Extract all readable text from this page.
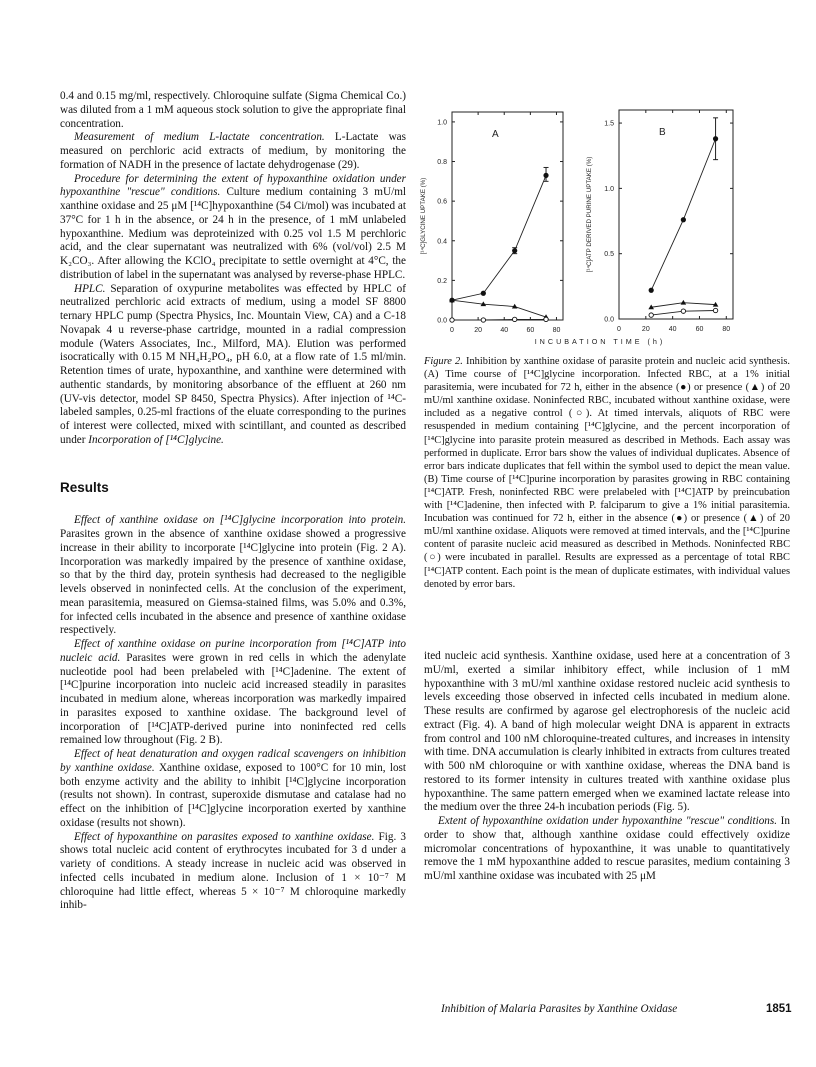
0.4 and 0.15 mg/ml, respectively. Chloroquine sulfate (Sigma Chemical Co.) was diluted from a 1 mM aqueous stock solution to give the appropriate final concentration.

Measurement of medium L-lactate concentration. L-Lactate was measured on perchloric acid extracts of medium, by monitoring the formation of NADH in the presence of lactate dehydrogenase (29).

Procedure for determining the extent of hypoxanthine oxidation under hypoxanthine "rescue" conditions. Culture medium containing 3 mU/ml xanthine oxidase and 25 μM [¹⁴C]hypoxanthine (54 Ci/mol) was incubated at 37°C for 1 h in the absence, or 24 h in the presence, of 1 mM unlabeled hypoxanthine. Medium was deproteinized with 0.25 vol 1.5 M perchloric acid, and the clear supernatant was neutralized with 6% (vol/vol) 2.5 M K₂CO₃. After allowing the KClO₄ precipitate to settle overnight at 4°C, the distribution of label in the supernatant was analysed by reverse-phase HPLC.

HPLC. Separation of oxypurine metabolites was effected by HPLC of neutralized perchloric acid extracts of medium, using a model SF 8800 ternary HPLC pump (Spectra Physics, Inc. Mountain View, CA) and a C-18 Novapak 4 u reverse-phase cartridge, mounted in a radial compression module (Waters Associates, Inc., Milford, MA). Elution was performed isocratically with 0.15 M NH₄H₂PO₄, pH 6.0, at a flow rate of 1.5 ml/min. Retention times of urate, hypoxanthine, and xanthine were determined with authentic standards, by monitoring absorbance of the effluent at 260 nm (UV-vis detector, model SP 8450, Spectra Physics). After injection of ¹⁴C-labeled samples, 0.25-ml fractions of the eluate corresponding to the purines of interest were collected, mixed with scintillant, and counted as described under Incorporation of [¹⁴C]glycine.

Results

Effect of xanthine oxidase on [¹⁴C]glycine incorporation into protein. Parasites grown in the absence of xanthine oxidase showed a progressive increase in their ability to incorporate [¹⁴C]glycine into protein (Fig. 2 A). Incorporation was markedly impaired by the presence of xanthine oxidase, so that by the third day, protein synthesis had decreased to the negligible levels observed in noninfected cells. At the conclusion of the experiment, mean parasitemia, measured on Giemsa-stained films, was 5.0% and 0.3%, for infected cells incubated in the absence and presence of xanthine oxidase respectively.

Effect of xanthine oxidase on purine incorporation from [¹⁴C]ATP into nucleic acid. Parasites were grown in red cells in which the adenylate nucleotide pool had been prelabeled with [¹⁴C]adenine. The extent of [¹⁴C]purine incorporation into nucleic acid increased steadily in parasites incubated in medium alone, whereas incorporation was markedly impaired in parasites exposed to xanthine oxidase. The background level of incorporation of [¹⁴C]ATP-derived purine into noninfected red cells remained low throughout (Fig. 2 B).

Effect of heat denaturation and oxygen radical scavengers on inhibition by xanthine oxidase. Xanthine oxidase, exposed to 100°C for 10 min, lost both enzyme activity and the ability to inhibit [¹⁴C]glycine incorporation (results not shown). In contrast, superoxide dismutase and catalase had no effect on the inhibition of [¹⁴C]glycine incorporation exerted by xanthine oxidase (results not shown).

Effect of hypoxanthine on parasites exposed to xanthine oxidase. Fig. 3 shows total nucleic acid content of erythrocytes incubated for 3 d under a variety of conditions. A steady increase in nucleic acid was observed in infected cells incubated in medium alone. Inclusion of 1 × 10⁻⁷ M chloroquine had little effect, whereas 5 × 10⁻⁷ M chloroquine markedly inhib-

0	20	40	60	80
0.0
0.2
0.4
0.6
0.8
1.0
A
[¹⁴C]GLYCINE UPTAKE (%)
0	20	40	60	80
0.0
0.5
1.0
1.5
B
[¹⁴C]ATP DERIVED PURINE UPTAKE (%)
INCUBATION TIME (h)
Figure 2. Inhibition by xanthine oxidase of parasite protein and nucleic acid synthesis. (A) Time course of [¹⁴C]glycine incorporation. Infected RBC, at a 1% initial parasitemia, were incubated for 72 h, either in the absence (●) or presence (▲) of 20 mU/ml xanthine oxidase. Noninfected RBC, incubated without xanthine oxidase, were included as a negative control (○). At timed intervals, aliquots of RBC were resuspended in medium containing [¹⁴C]glycine, and the percent incorporation of [¹⁴C]glycine into parasite protein measured as described in Methods. Each assay was performed in duplicate. Error bars show the values of individual duplicates. Absence of error bars indicate duplicates that fell within the symbol used to depict the mean value. (B) Time course of [¹⁴C]purine incorporation by parasites growing in RBC containing [¹⁴C]ATP. Fresh, noninfected RBC were prelabeled with [¹⁴C]ATP by preincubation with [¹⁴C]adenine, then infected with P. falciparum to give a 1% initial parasitemia. Incubation was continued for 72 h, either in the absence (●) or presence (▲) of 20 mU/ml xanthine oxidase. Aliquots were removed at timed intervals, and the [¹⁴C]purine content of parasite nucleic acid measured as described in Methods. Noninfected RBC (○) were incubated in parallel. Results are expressed as a percentage of total RBC [¹⁴C]ATP content. Each point is the mean of duplicate estimates, with individual values denoted by error bars.

ited nucleic acid synthesis. Xanthine oxidase, used here at a concentration of 3 mU/ml, exerted a similar inhibitory effect, while inclusion of 1 mM hypoxanthine with 3 mU/ml xanthine oxidase restored nucleic acid synthesis to levels exceeding those observed in infected cells incubated in medium alone. These results are confirmed by agarose gel electrophoresis of the nucleic acid extract (Fig. 4). A band of high molecular weight DNA is apparent in extracts from control and 100 nM chloroquine-treated cultures, and increases in intensity with time. DNA accumulation is clearly inhibited in extracts from cultures treated with 500 nM chloroquine or with xanthine oxidase, whereas the DNA band is restored to its former intensity in cultures treated with xanthine oxidase plus hypoxanthine. The same pattern emerged when we examined lactate release into the medium over the three 24-h incubation periods (Fig. 5).

Extent of hypoxanthine oxidation under hypoxanthine "rescue" conditions. In order to show that, although xanthine oxidase could effectively oxidize micromolar concentrations of hypoxanthine, it was unable to quantitatively remove the 1 mM hypoxanthine added to rescue parasites, medium containing 3 mU/ml xanthine oxidase was incubated with 25 μM

Inhibition of Malaria Parasites by Xanthine Oxidase	1851
